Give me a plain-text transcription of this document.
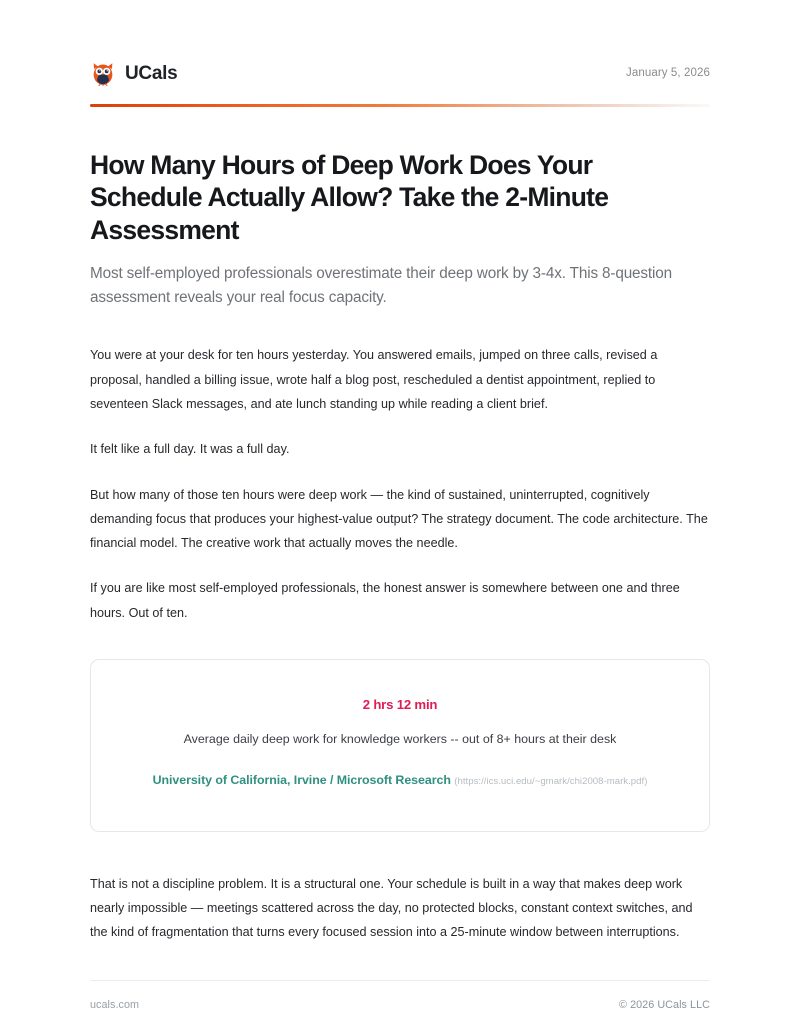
UCals	January 5, 2026
How Many Hours of Deep Work Does Your Schedule Actually Allow? Take the 2-Minute Assessment

Most self-employed professionals overestimate their deep work by 3-4x. This 8-question assessment reveals your real focus capacity.

You were at your desk for ten hours yesterday. You answered emails, jumped on three calls, revised a proposal, handled a billing issue, wrote half a blog post, rescheduled a dentist appointment, replied to seventeen Slack messages, and ate lunch standing up while reading a client brief.

It felt like a full day. It was a full day.

But how many of those ten hours were deep work — the kind of sustained, uninterrupted, cognitively demanding focus that produces your highest-value output? The strategy document. The code architecture. The financial model. The creative work that actually moves the needle.

If you are like most self-employed professionals, the honest answer is somewhere between one and three hours. Out of ten.

2 hrs 12 min
Average daily deep work for knowledge workers -- out of 8+ hours at their desk
University of California, Irvine / Microsoft Research (https://ics.uci.edu/~gmark/chi2008-mark.pdf)

That is not a discipline problem. It is a structural one. Your schedule is built in a way that makes deep work nearly impossible — meetings scattered across the day, no protected blocks, constant context switches, and the kind of fragmentation that turns every focused session into a 25-minute window between interruptions.

ucals.com	© 2026 UCals LLC
